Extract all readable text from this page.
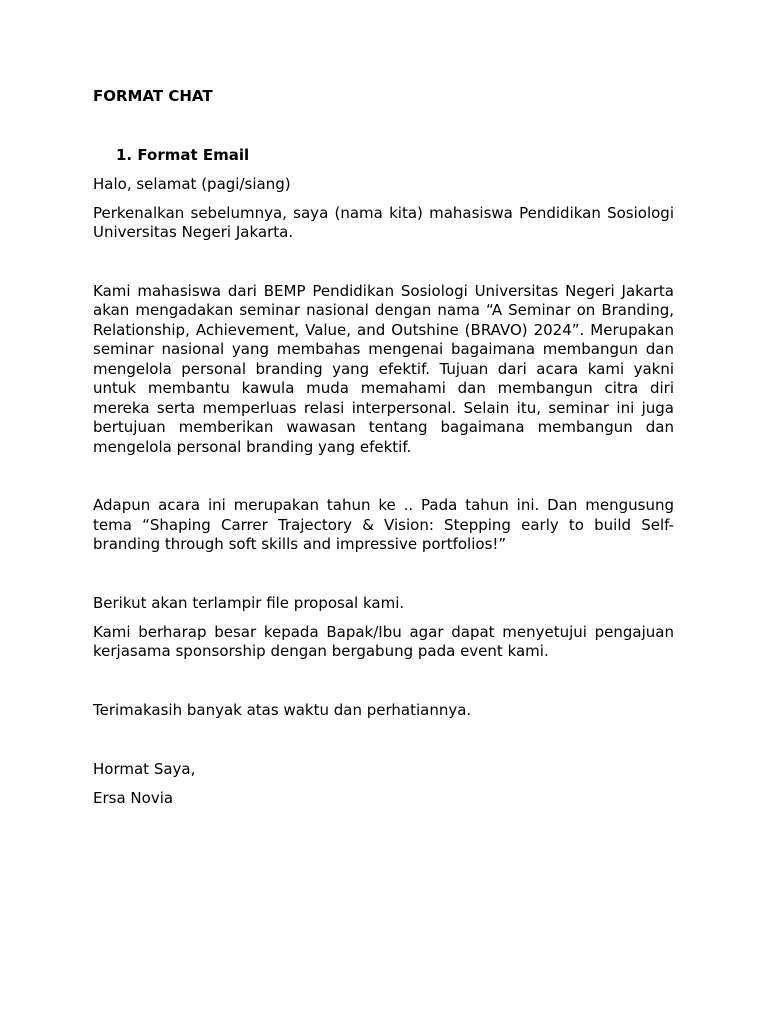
FORMAT CHAT
1. Format Email

Halo, selamat (pagi/siang)

Perkenalkan sebelumnya, saya (nama kita) mahasiswa Pendidikan Sosiologi Universitas Negeri Jakarta.

Kami mahasiswa dari BEMP Pendidikan Sosiologi Universitas Negeri Jakarta akan mengadakan seminar nasional dengan nama “A Seminar on Branding, Relationship, Achievement, Value, and Outshine (BRAVO) 2024”. Merupakan seminar nasional yang membahas mengenai bagaimana membangun dan mengelola personal branding yang efektif. Tujuan dari acara kami yakni untuk membantu kawula muda memahami dan membangun citra diri mereka serta memperluas relasi interpersonal. Selain itu, seminar ini juga bertujuan memberikan wawasan tentang bagaimana membangun dan mengelola personal branding yang efektif.

Adapun acara ini merupakan tahun ke .. Pada tahun ini. Dan mengusung tema “Shaping Carrer Trajectory & Vision: Stepping early to build Self-branding through soft skills and impressive portfolios!”

Berikut akan terlampir file proposal kami.

Kami berharap besar kepada Bapak/Ibu agar dapat menyetujui pengajuan kerjasama sponsorship dengan bergabung pada event kami.

Terimakasih banyak atas waktu dan perhatiannya.

Hormat Saya,

Ersa Novia
